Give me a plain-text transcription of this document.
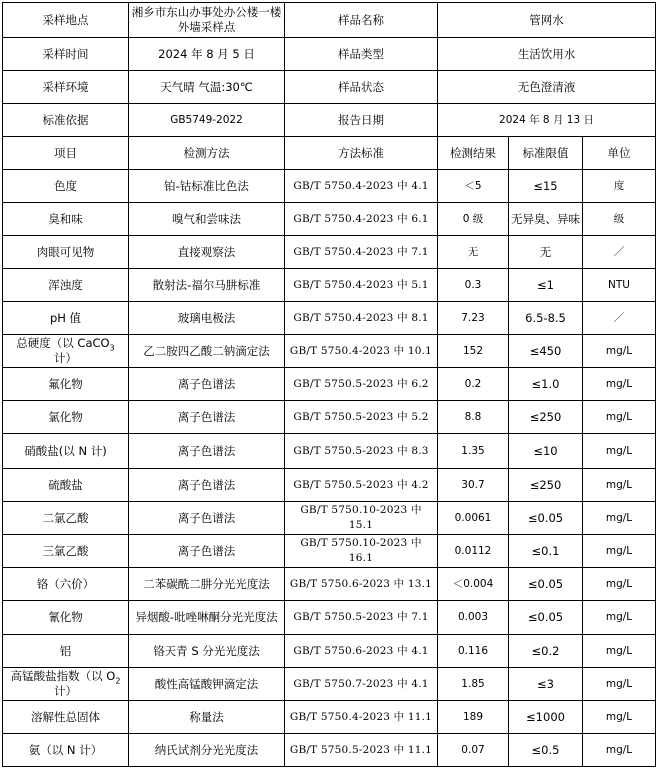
采样地点	湘乡市东山办事处办公楼一楼外墙采样点	样品名称	管网水		
采样时间	2024 年 8 月 5 日	样品类型	生活饮用水		
采样环境	天气晴 气温:30℃	样品状态	无色澄清液		
标准依据	GB5749-2022	报告日期	2024 年 8 月 13 日		
项目	检测方法	方法标准	检测结果	标准限值	单位
色度	铂-钴标准比色法	GB/T 5750.4-2023 中 4.1	＜5	≤15	度
臭和味	嗅气和尝味法	GB/T 5750.4-2023 中 6.1	0 级	无异臭、异味	级
肉眼可见物	直接观察法	GB/T 5750.4-2023 中 7.1	无	无	／
浑浊度	散射法-福尔马肼标准	GB/T 5750.4-2023 中 5.1	0.3	≤1	NTU
pH 值	玻璃电极法	GB/T 5750.4-2023 中 8.1	7.23	6.5-8.5	／
总硬度（以 CaCO$_3$ 计）	乙二胺四乙酸二钠滴定法	GB/T 5750.4-2023 中 10.1	152	≤450	mg/L
氟化物	离子色谱法	GB/T 5750.5-2023 中 6.2	0.2	≤1.0	mg/L
氯化物	离子色谱法	GB/T 5750.5-2023 中 5.2	8.8	≤250	mg/L
硝酸盐(以 N 计)	离子色谱法	GB/T 5750.5-2023 中 8.3	1.35	≤10	mg/L
硫酸盐	离子色谱法	GB/T 5750.5-2023 中 4.2	30.7	≤250	mg/L
二氯乙酸	离子色谱法	GB/T 5750.10-2023 中 15.1	0.0061	≤0.05	mg/L
三氯乙酸	离子色谱法	GB/T 5750.10-2023 中 16.1	0.0112	≤0.1	mg/L
铬（六价）	二苯碳酰二肼分光光度法	GB/T 5750.6-2023 中 13.1	＜0.004	≤0.05	mg/L
氰化物	异烟酸-吡唑啉酮分光光度法	GB/T 5750.5-2023 中 7.1	0.003	≤0.05	mg/L
铝	铬天青 S 分光光度法	GB/T 5750.6-2023 中 4.1	0.116	≤0.2	mg/L
高锰酸盐指数（以 $O_2$ 计）	酸性高锰酸钾滴定法	GB/T 5750.7-2023 中 4.1	1.85	≤3	mg/L
溶解性总固体	称量法	GB/T 5750.4-2023 中 11.1	189	≤1000	mg/L
氨（以 N 计）	纳氏试剂分光光度法	GB/T 5750.5-2023 中 11.1	0.07	≤0.5	mg/L
